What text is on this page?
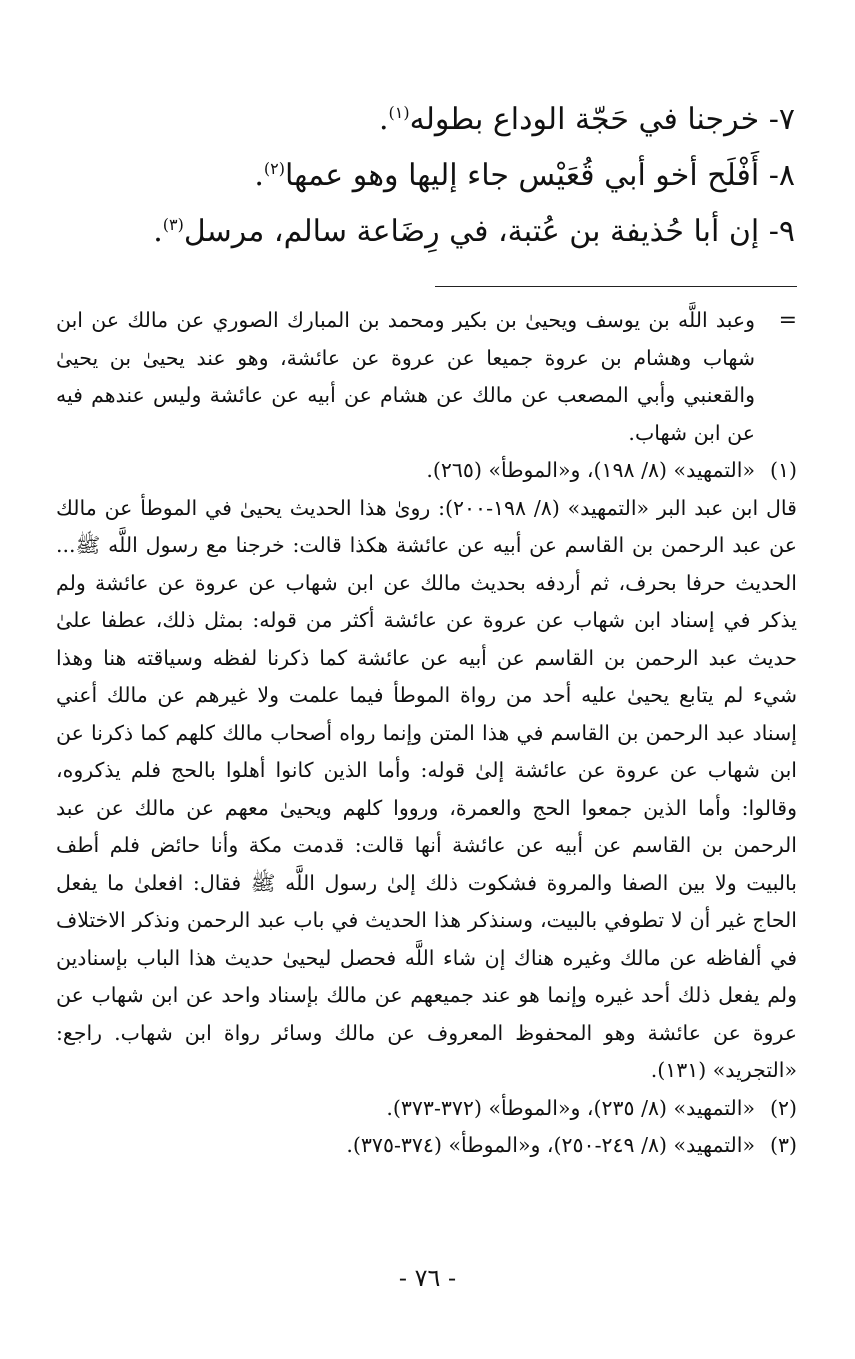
٧- خرجنا في حَجّة الوداع بطوله$^{(١)}$.

٨- أَفْلَح أخو أبي قُعَيْس جاء إليها وهو عمها$^{(٢)}$.

٩- إن أبا حُذيفة بن عُتبة، في رِضَاعة سالم، مرسل$^{(٣)}$.

=

وعبد اللَّه بن يوسف ويحيىٰ بن بكير ومحمد بن المبارك الصوري عن مالك عن ابن شهاب وهشام بن عروة جميعا عن عروة عن عائشة، وهو عند يحيىٰ بن يحيىٰ والقعنبي وأبي المصعب عن مالك عن هشام عن أبيه عن عائشة وليس عندهم فيه عن ابن شهاب.

(١)

«التمهيد» (٨/ ١٩٨)، و«الموطأ» (٢٦٥).

قال ابن عبد البر «التمهيد» (٨/ ١٩٨-٢٠٠): روىٰ هذا الحديث يحيىٰ في الموطأ عن مالك عن عبد الرحمن بن القاسم عن أبيه عن عائشة هكذا قالت: خرجنا مع رسول اللَّه ﷺ... الحديث حرفا بحرف، ثم أردفه بحديث مالك عن ابن شهاب عن عروة عن عائشة ولم يذكر في إسناد ابن شهاب عن عروة عن عائشة أكثر من قوله: بمثل ذلك، عطفا علىٰ حديث عبد الرحمن بن القاسم عن أبيه عن عائشة كما ذكرنا لفظه وسياقته هنا وهذا شيء لم يتابع يحيىٰ عليه أحد من رواة الموطأ فيما علمت ولا غيرهم عن مالك أعني إسناد عبد الرحمن بن القاسم في هذا المتن وإنما رواه أصحاب مالك كلهم كما ذكرنا عن ابن شهاب عن عروة عن عائشة إلىٰ قوله: وأما الذين كانوا أهلوا بالحج فلم يذكروه، وقالوا: وأما الذين جمعوا الحج والعمرة، ورووا كلهم ويحيىٰ معهم عن مالك عن عبد الرحمن بن القاسم عن أبيه عن عائشة أنها قالت: قدمت مكة وأنا حائض فلم أطف بالبيت ولا بين الصفا والمروة فشكوت ذلك إلىٰ رسول اللَّه ﷺ فقال: افعلىٰ ما يفعل الحاج غير أن لا تطوفي بالبيت، وسنذكر هذا الحديث في باب عبد الرحمن ونذكر الاختلاف في ألفاظه عن مالك وغيره هناك إن شاء اللَّه فحصل ليحيىٰ حديث هذا الباب بإسنادين ولم يفعل ذلك أحد غيره وإنما هو عند جميعهم عن مالك بإسناد واحد عن ابن شهاب عن عروة عن عائشة وهو المحفوظ المعروف عن مالك وسائر رواة ابن شهاب. راجع: «التجريد» (١٣١).

(٢)

«التمهيد» (٨/ ٢٣٥)، و«الموطأ» (٣٧٢-٣٧٣).

(٣)

«التمهيد» (٨/ ٢٤٩-٢٥٠)، و«الموطأ» (٣٧٤-٣٧٥).

- ٧٦ -
